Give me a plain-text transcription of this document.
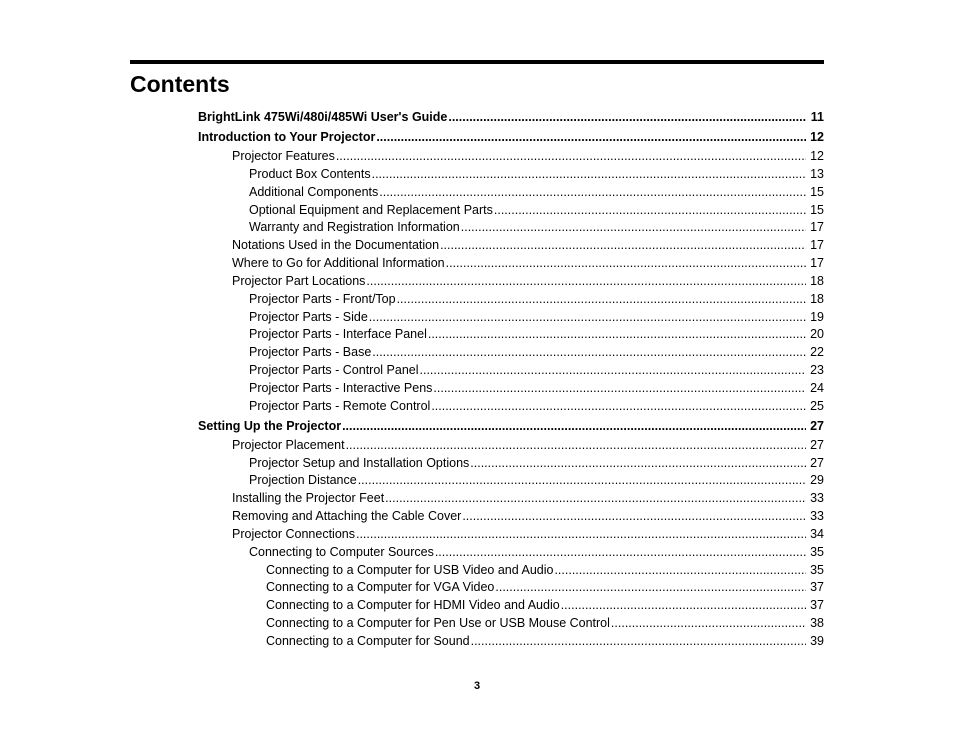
Contents
BrightLink 475Wi/480i/485Wi User's Guide .....	11
Introduction to Your Projector .....	12
Projector Features .....	12
Product Box Contents .....	13
Additional Components .....	15
Optional Equipment and Replacement Parts .....	15
Warranty and Registration Information .....	17
Notations Used in the Documentation .....	17
Where to Go for Additional Information .....	17
Projector Part Locations .....	18
Projector Parts - Front/Top .....	18
Projector Parts - Side .....	19
Projector Parts - Interface Panel .....	20
Projector Parts - Base .....	22
Projector Parts - Control Panel .....	23
Projector Parts - Interactive Pens .....	24
Projector Parts - Remote Control .....	25
Setting Up the Projector .....	27
Projector Placement .....	27
Projector Setup and Installation Options .....	27
Projection Distance .....	29
Installing the Projector Feet .....	33
Removing and Attaching the Cable Cover .....	33
Projector Connections .....	34
Connecting to Computer Sources .....	35
Connecting to a Computer for USB Video and Audio .....	35
Connecting to a Computer for VGA Video .....	37
Connecting to a Computer for HDMI Video and Audio .....	37
Connecting to a Computer for Pen Use or USB Mouse Control .....	38
Connecting to a Computer for Sound .....	39
3
